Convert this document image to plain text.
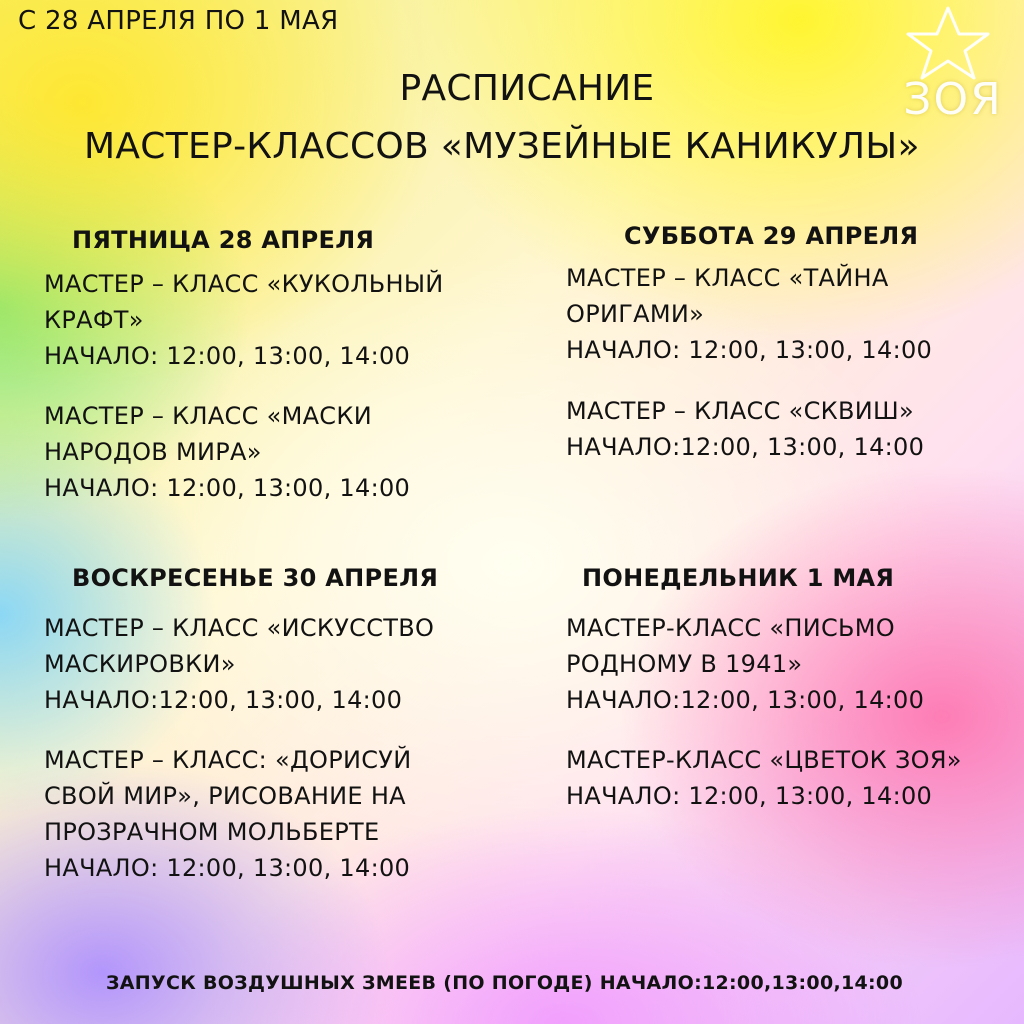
С 28 АПРЕЛЯ ПО 1 МАЯ

РАСПИСАНИЕ

МАСТЕР-КЛАССОВ «МУЗЕЙНЫЕ КАНИКУЛЫ»

ЗОЯ

ПЯТНИЦА 28 АПРЕЛЯ

МАСТЕР – КЛАСС «КУКОЛЬНЫЙ
КРАФТ»
НАЧАЛО: 12:00, 13:00, 14:00
МАСТЕР – КЛАСС «МАСКИ
НАРОДОВ МИРА»
НАЧАЛО: 12:00, 13:00, 14:00

СУББОТА 29 АПРЕЛЯ

МАСТЕР – КЛАСС «ТАЙНА
ОРИГАМИ»
НАЧАЛО: 12:00, 13:00, 14:00
МАСТЕР – КЛАСС «СКВИШ»
НАЧАЛО:12:00, 13:00, 14:00

ВОСКРЕСЕНЬЕ 30 АПРЕЛЯ

МАСТЕР – КЛАСС «ИСКУССТВО
МАСКИРОВКИ»
НАЧАЛО:12:00, 13:00, 14:00
МАСТЕР – КЛАСС: «ДОРИСУЙ
СВОЙ МИР», РИСОВАНИЕ НА
ПРОЗРАЧНОМ МОЛЬБЕРТЕ
НАЧАЛО: 12:00, 13:00, 14:00

ПОНЕДЕЛЬНИК 1 МАЯ

МАСТЕР-КЛАСС «ПИСЬМО
РОДНОМУ В 1941»
НАЧАЛО:12:00, 13:00, 14:00
МАСТЕР-КЛАСС «ЦВЕТОК ЗОЯ»
НАЧАЛО: 12:00, 13:00, 14:00

ЗАПУСК ВОЗДУШНЫХ ЗМЕЕВ (ПО ПОГОДЕ) НАЧАЛО:12:00,13:00,14:00
